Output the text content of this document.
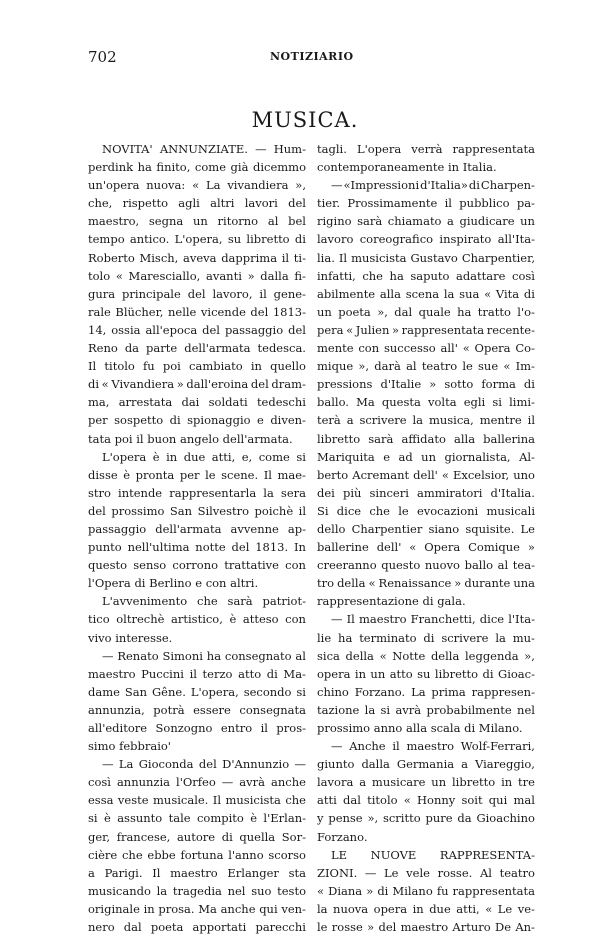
702	NOTIZIARIO
MUSICA.
NOVITA' ANNUNZIATE. — Hum-
perdink ha finito, come già dicemmo
un'opera nuova: « La vivandiera »,
che, rispetto agli altri lavori del
maestro, segna un ritorno al bel
tempo antico. L'opera, su libretto di
Roberto Misch, aveva dapprima il ti-
tolo « Maresciallo, avanti » dalla fi-
gura principale del lavoro, il gene-
rale Blücher, nelle vicende del 1813-
14, ossia all'epoca del passaggio del
Reno da parte dell'armata tedesca.
Il titolo fu poi cambiato in quello
di « Vivandiera » dall'eroina del dram-
ma, arrestata dai soldati tedeschi
per sospetto di spionaggio e diven-
tata poi il buon angelo dell'armata.
L'opera è in due atti, e, come si
disse è pronta per le scene. Il mae-
stro intende rappresentarla la sera
del prossimo San Silvestro poichè il
passaggio dell'armata avvenne ap-
punto nell'ultima notte del 1813. In
questo senso corrono trattative con
l'Opera di Berlino e con altri.
L'avvenimento che sarà patriot-
tico oltrechè artistico, è atteso con
vivo interesse.
— Renato Simoni ha consegnato al
maestro Puccini il terzo atto di Ma-
dame San Gêne. L'opera, secondo si
annunzia, potrà essere consegnata
all'editore Sonzogno entro il pros-
simo febbraio'
— La Gioconda del D'Annunzio —
così annunzia l'Orfeo — avrà anche
essa veste musicale. Il musicista che
si è assunto tale compito è l'Erlan-
ger, francese, autore di quella Sor-
cière che ebbe fortuna l'anno scorso
a Parigi. Il maestro Erlanger sta
musicando la tragedia nel suo testo
originale in prosa. Ma anche qui ven-
nero dal poeta apportati parecchi
tagli. L'opera verrà rappresentata
contemporaneamente in Italia.
— «Impressioni d'Italia» di Charpen-
tier. Prossimamente il pubblico pa-
rigino sarà chiamato a giudicare un
lavoro coreografico inspirato all'Ita-
lia. Il musicista Gustavo Charpentier,
infatti, che ha saputo adattare così
abilmente alla scena la sua « Vita di
un poeta », dal quale ha tratto l'o-
pera « Julien » rappresentata recente-
mente con successo all' « Opera Co-
mique », darà al teatro le sue « Im-
pressions d'Italie » sotto forma di
ballo. Ma questa volta egli si limi-
terà a scrivere la musica, mentre il
libretto sarà affidato alla ballerina
Mariquita e ad un giornalista, Al-
berto Acremant dell' « Excelsior, uno
dei più sinceri ammiratori d'Italia.
Si dice che le evocazioni musicali
dello Charpentier siano squisite. Le
ballerine dell' « Opera Comique »
creeranno questo nuovo ballo al tea-
tro della « Renaissance » durante una
rappresentazione di gala.
— Il maestro Franchetti, dice l'Ita-
lie ha terminato di scrivere la mu-
sica della « Notte della leggenda »,
opera in un atto su libretto di Gioac-
chino Forzano. La prima rappresen-
tazione la si avrà probabilmente nel
prossimo anno alla scala di Milano.
— Anche il maestro Wolf-Ferrari,
giunto dalla Germania a Viareggio,
lavora a musicare un libretto in tre
atti dal titolo « Honny soit qui mal
y pense », scritto pure da Gioachino
Forzano.
LE NUOVE RAPPRESENTA-
ZIONI. — Le vele rosse. Al teatro
« Diana » di Milano fu rappresentata
la nuova opera in due atti, « Le ve-
le rosse » del maestro Arturo De An-
